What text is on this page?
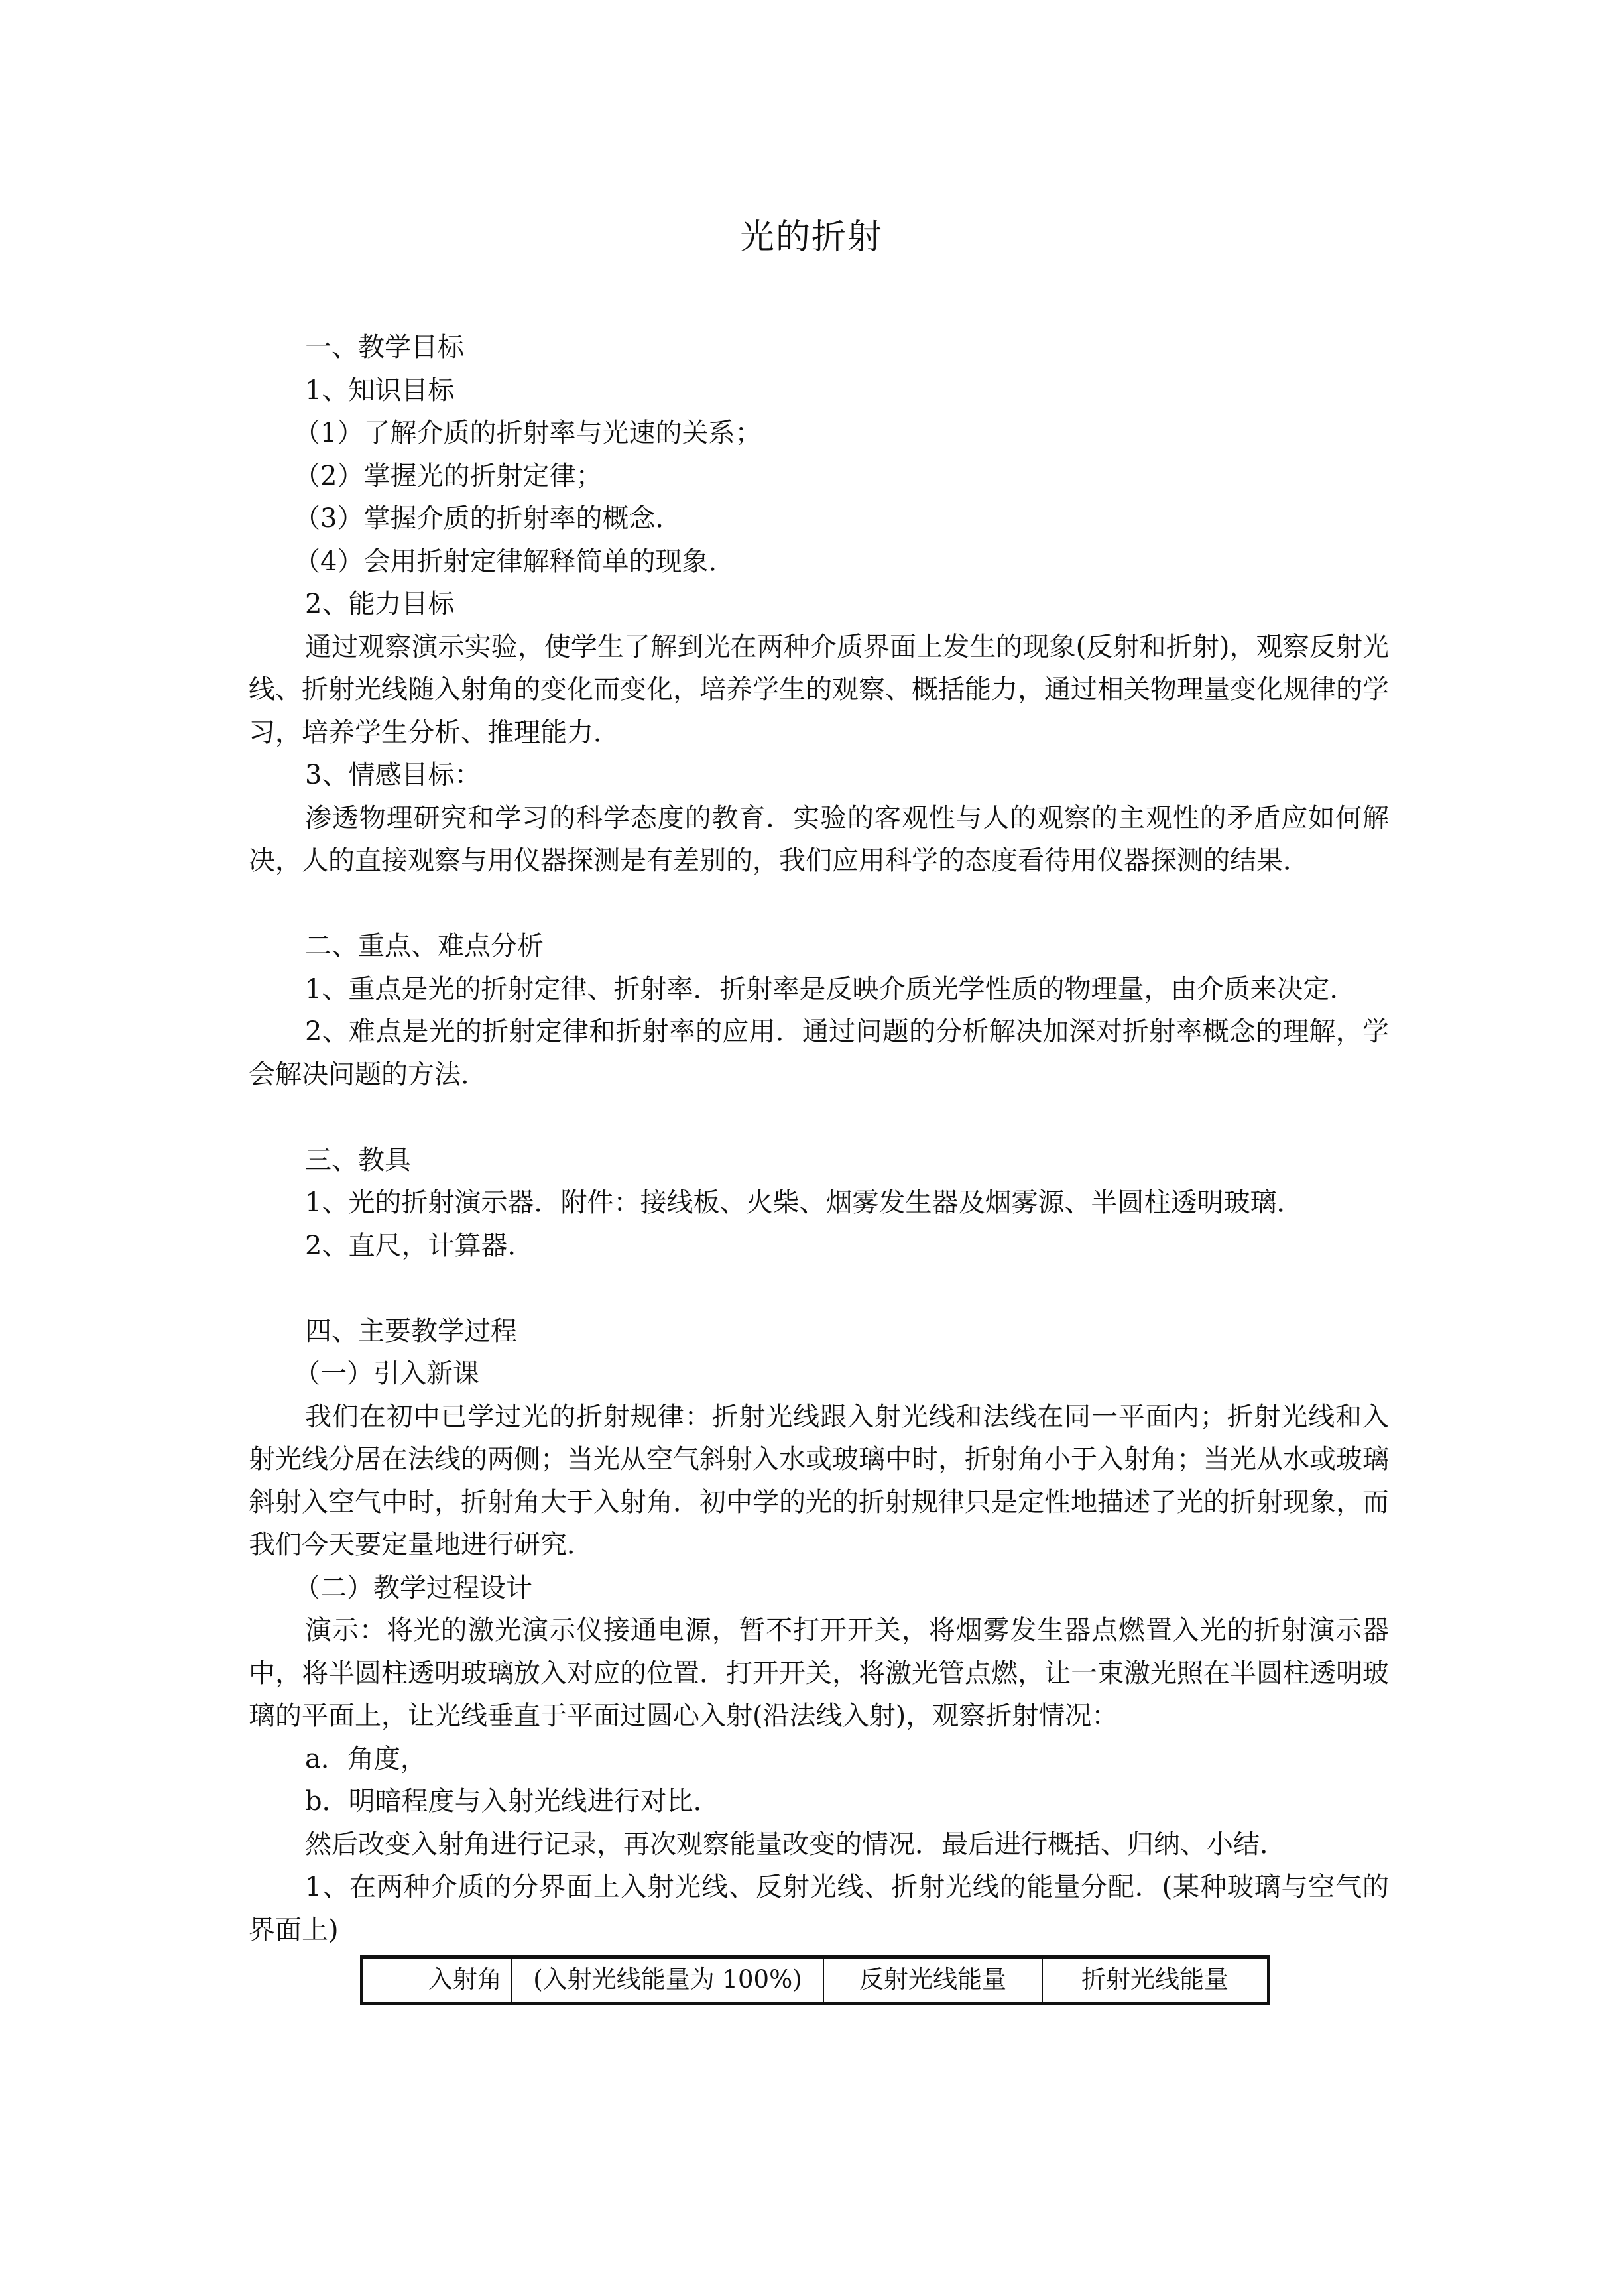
光的折射

一、教学目标

1、知识目标

（1）了解介质的折射率与光速的关系；

（2）掌握光的折射定律；

（3）掌握介质的折射率的概念．

（4）会用折射定律解释简单的现象．

2、能力目标

通过观察演示实验，使学生了解到光在两种介质界面上发生的现象(反射和折射)，观察反射光线、折射光线随入射角的变化而变化，培养学生的观察、概括能力，通过相关物理量变化规律的学习，培养学生分析、推理能力．

3、情感目标：

渗透物理研究和学习的科学态度的教育．实验的客观性与人的观察的主观性的矛盾应如何解决，人的直接观察与用仪器探测是有差别的，我们应用科学的态度看待用仪器探测的结果．

二、重点、难点分析

1、重点是光的折射定律、折射率．折射率是反映介质光学性质的物理量，由介质来决定．

2、难点是光的折射定律和折射率的应用．通过问题的分析解决加深对折射率概念的理解，学会解决问题的方法．

三、教具

1、光的折射演示器．附件：接线板、火柴、烟雾发生器及烟雾源、半圆柱透明玻璃．

2、直尺，计算器．

四、主要教学过程

（一）引入新课

我们在初中已学过光的折射规律：折射光线跟入射光线和法线在同一平面内；折射光线和入射光线分居在法线的两侧；当光从空气斜射入水或玻璃中时，折射角小于入射角；当光从水或玻璃斜射入空气中时，折射角大于入射角．初中学的光的折射规律只是定性地描述了光的折射现象，而我们今天要定量地进行研究．

（二）教学过程设计

演示：将光的激光演示仪接通电源，暂不打开开关，将烟雾发生器点燃置入光的折射演示器中，将半圆柱透明玻璃放入对应的位置．打开开关，将激光管点燃，让一束激光照在半圆柱透明玻璃的平面上，让光线垂直于平面过圆心入射(沿法线入射)，观察折射情况：

a．角度，

b．明暗程度与入射光线进行对比．

然后改变入射角进行记录，再次观察能量改变的情况．最后进行概括、归纳、小结．

1、在两种介质的分界面上入射光线、反射光线、折射光线的能量分配．(某种玻璃与空气的界面上)

入射角	(入射光线能量为 100%)	反射光线能量	折射光线能量
